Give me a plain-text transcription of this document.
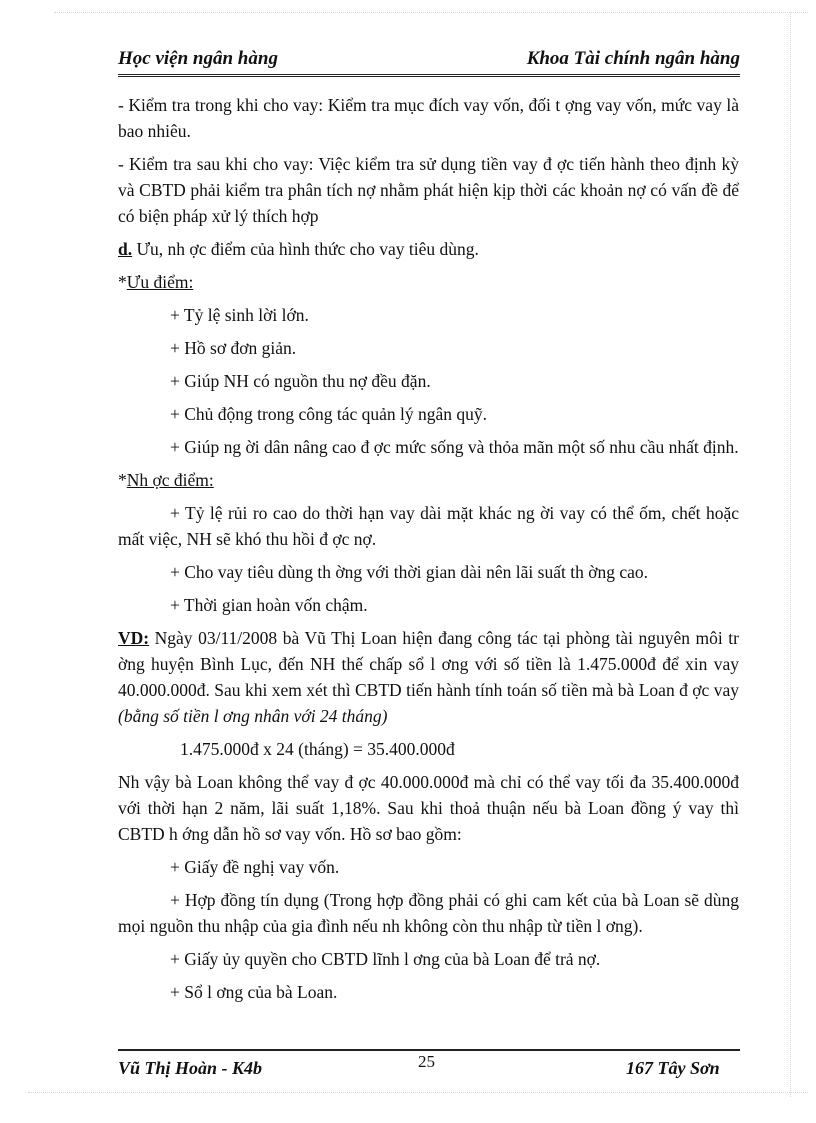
Học viện ngân hàng	Khoa Tài chính ngân hàng

- Kiểm tra trong khi cho vay: Kiểm tra mục đích vay vốn, đối t ợng vay vốn, mức vay là bao nhiêu.

- Kiểm tra sau khi cho vay: Việc kiểm tra sử dụng tiền vay đ ợc tiến hành theo định kỳ và CBTD phải kiểm tra phân tích nợ nhằm phát hiện kịp thời các khoản nợ có vấn đề để có biện pháp xử lý thích hợp

d. Ưu, nh ợc điểm của hình thức cho vay tiêu dùng.

*Ưu điểm:

+ Tỷ lệ sinh lời lớn.

+ Hồ sơ đơn giản.

+ Giúp NH có nguồn thu nợ đều đặn.

+ Chủ động trong công tác quản lý ngân quỹ.

+ Giúp ng ời dân nâng cao đ ợc mức sống và thỏa mãn một số nhu cầu nhất định.

*Nh ợc điểm:

+ Tỷ lệ rủi ro cao do thời hạn vay dài mặt khác ng ời vay có thể ốm, chết hoặc mất việc, NH sẽ khó thu hồi đ ợc nợ.

+ Cho vay tiêu dùng th ờng với thời gian dài nên lãi suất th ờng cao.

+ Thời gian hoàn vốn chậm.

VD: Ngày 03/11/2008 bà Vũ Thị Loan hiện đang công tác tại phòng tài nguyên môi tr ờng huyện Bình Lục, đến NH thế chấp sổ l ơng với số tiền là 1.475.000đ để xin vay 40.000.000đ. Sau khi xem xét thì CBTD tiến hành tính toán số tiền mà bà Loan đ ợc vay (bằng số tiền l ơng nhân với 24 tháng)

1.475.000đ x 24 (tháng) = 35.400.000đ

Nh vậy bà Loan không thể vay đ ợc 40.000.000đ mà chỉ có thể vay tối đa 35.400.000đ với thời hạn 2 năm, lãi suất 1,18%. Sau khi thoả thuận nếu bà Loan đồng ý vay thì CBTD h ớng dẫn hồ sơ vay vốn. Hồ sơ bao gồm:

+ Giấy đề nghị vay vốn.

+ Hợp đồng tín dụng (Trong hợp đồng phải có ghi cam kết của bà Loan sẽ dùng mọi nguồn thu nhập của gia đình nếu nh không còn thu nhập từ tiền l ơng).

+ Giấy ủy quyền cho CBTD lĩnh l ơng của bà Loan để trả nợ.

+ Sổ l ơng của bà Loan.

Vũ Thị Hoàn - K4b	25	167 Tây Sơn
